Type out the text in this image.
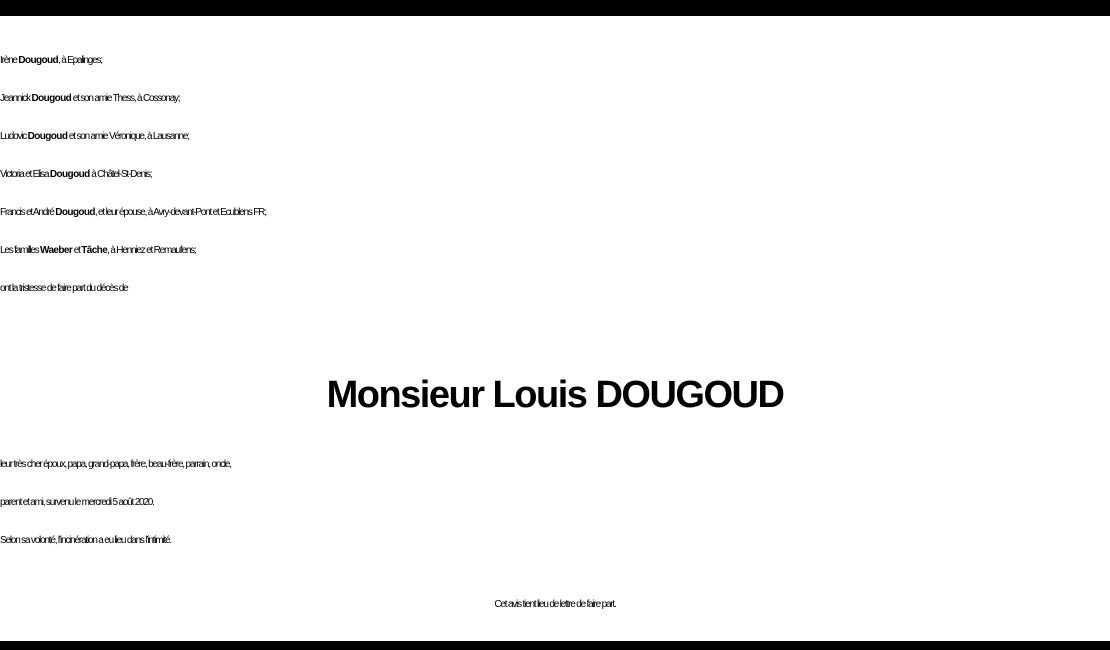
Irène Dougoud, à Epalinges;
Jeannick Dougoud et son amie Thess, à Cossonay;
Ludovic Dougoud et son amie Véronique, à Lausanne;
Victoria et Elisa Dougoud à Châtel-St-Denis;
Francis et André Dougoud, et leur épouse, à Avry-devant-Pont et Ecublens FR;
Les familles Waeber et Tâche, à Henniez et Remaufens;
ont la tristesse de faire part du décès de
Monsieur Louis DOUGOUD
leur très cher époux, papa, grand-papa, frère, beau-frère, parrain, oncle,
parent et ami, survenu le mercredi 5 août 2020.
Selon sa volonté, l’incinération a eu lieu dans l’intimité.
Cet avis tient lieu de lettre de faire part.
